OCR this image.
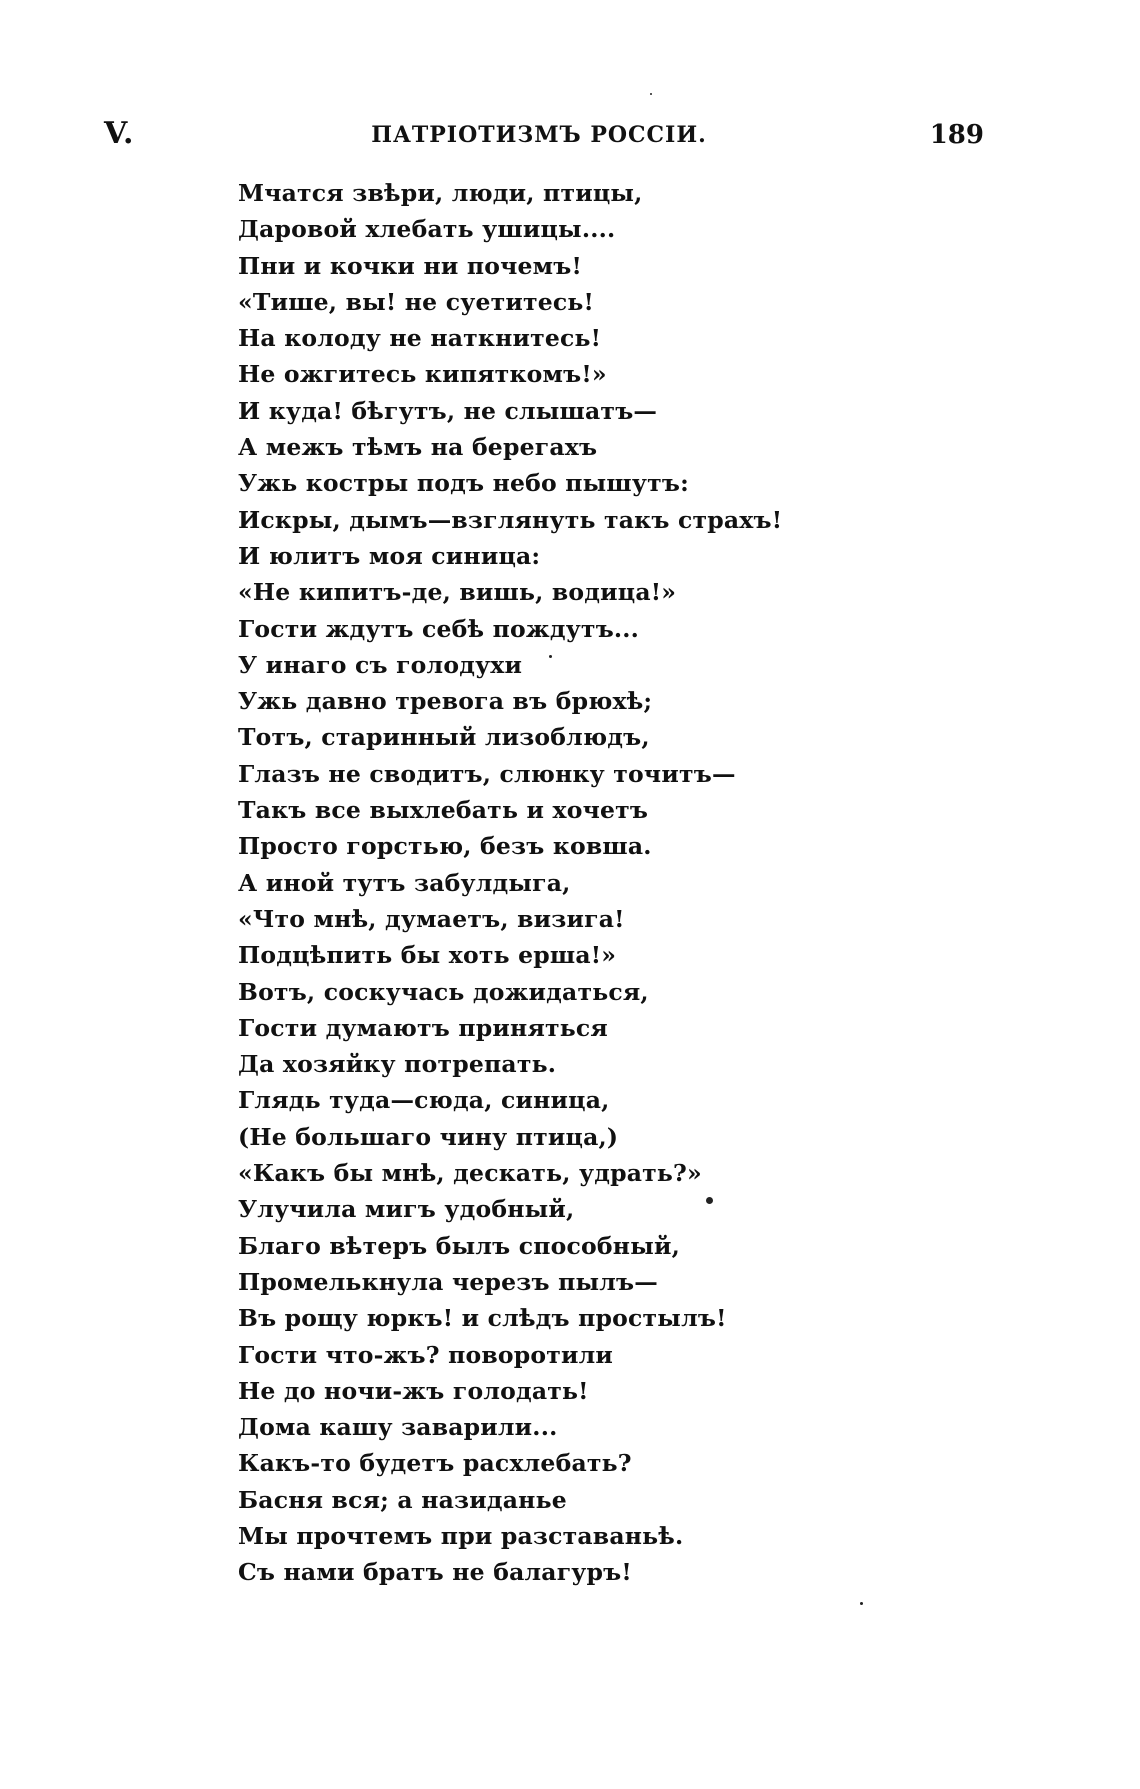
V.	ПАТРІОТИЗМЪ РОССІИ.	189
Мчатся звѣри, люди, птицы,
Даровой хлебать ушицы....
Пни и кочки ни почемъ!
«Тише, вы! не суетитесь!
На колоду не наткнитесь!
Не ожгитесь кипяткомъ!»
И куда! бѣгутъ, не слышатъ—
А межъ тѣмъ на берегахъ
Ужь костры подъ небо пышутъ:
Искры, дымъ—взглянуть такъ страхъ!
И юлитъ моя синица:
«Не кипитъ-де, вишь, водица!»
Гости ждутъ себѣ пождутъ...
У инаго съ голодухи
Ужь давно тревога въ брюхѣ;
Тотъ, старинный лизоблюдъ,
Глазъ не сводитъ, слюнку точитъ—
Такъ все выхлебать и хочетъ
Просто горстью, безъ ковша.
А иной тутъ забулдыга,
«Что мнѣ, думаетъ, визига!
Подцѣпить бы хоть ерша!»
Вотъ, соскучась дожидаться,
Гости думаютъ приняться
Да хозяйку потрепать.
Глядь туда—сюда, синица,
(Не большаго чину птица,)
«Какъ бы мнѣ, дескать, удрать?»
Улучила мигъ удобный,
Благо вѣтеръ былъ способный,
Промелькнула черезъ пылъ—
Въ рощу юркъ! и слѣдъ простылъ!
Гости что-жъ? поворотили
Не до ночи-жъ голодать!
Дома кашу заварили...
Какъ-то будетъ расхлебать?
Басня вся; а назиданье
Мы прочтемъ при разставаньѣ.
Съ нами братъ не балагуръ!
